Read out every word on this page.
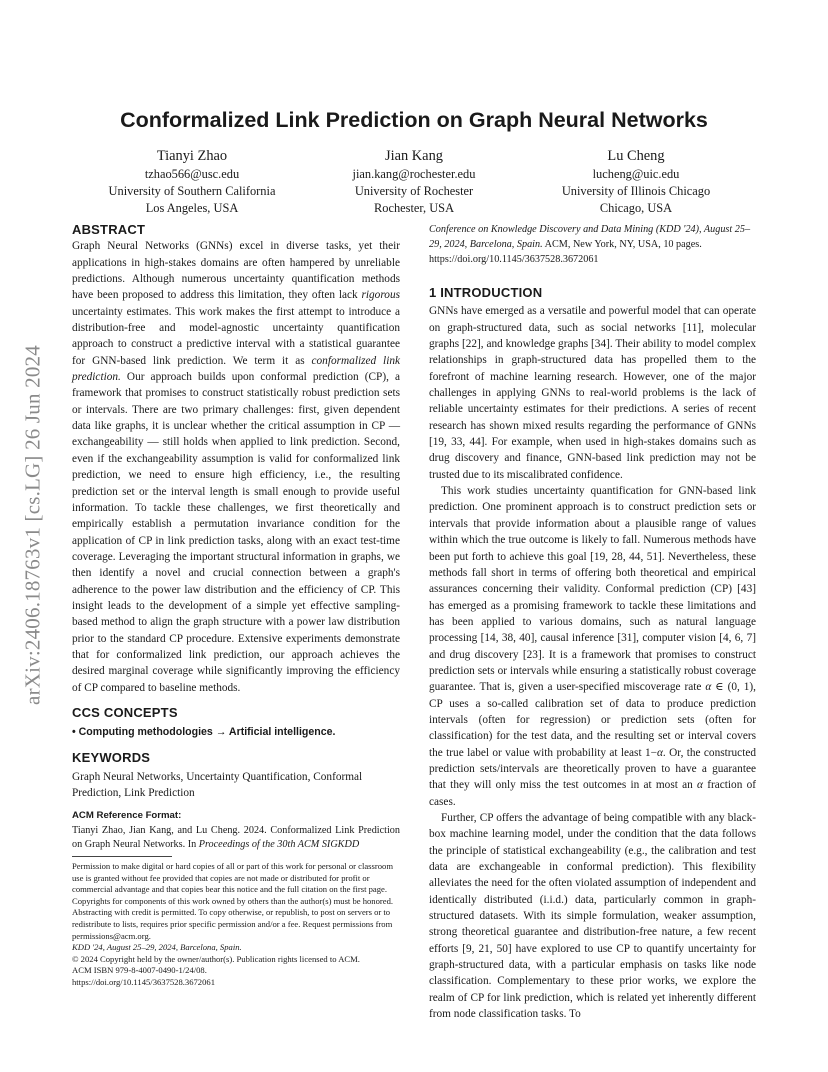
arXiv:2406.18763v1 [cs.LG] 26 Jun 2024
Conformalized Link Prediction on Graph Neural Networks
Tianyi Zhao
tzhao566@usc.edu
University of Southern California
Los Angeles, USA
Jian Kang
jian.kang@rochester.edu
University of Rochester
Rochester, USA
Lu Cheng
lucheng@uic.edu
University of Illinois Chicago
Chicago, USA
ABSTRACT

Graph Neural Networks (GNNs) excel in diverse tasks, yet their applications in high-stakes domains are often hampered by unreliable predictions. Although numerous uncertainty quantification methods have been proposed to address this limitation, they often lack rigorous uncertainty estimates. This work makes the first attempt to introduce a distribution-free and model-agnostic uncertainty quantification approach to construct a predictive interval with a statistical guarantee for GNN-based link prediction. We term it as conformalized link prediction. Our approach builds upon conformal prediction (CP), a framework that promises to construct statistically robust prediction sets or intervals. There are two primary challenges: first, given dependent data like graphs, it is unclear whether the critical assumption in CP — exchangeability — still holds when applied to link prediction. Second, even if the exchangeability assumption is valid for conformalized link prediction, we need to ensure high efficiency, i.e., the resulting prediction set or the interval length is small enough to provide useful information. To tackle these challenges, we first theoretically and empirically establish a permutation invariance condition for the application of CP in link prediction tasks, along with an exact test-time coverage. Leveraging the important structural information in graphs, we then identify a novel and crucial connection between a graph's adherence to the power law distribution and the efficiency of CP. This insight leads to the development of a simple yet effective sampling-based method to align the graph structure with a power law distribution prior to the standard CP procedure. Extensive experiments demonstrate that for conformalized link prediction, our approach achieves the desired marginal coverage while significantly improving the efficiency of CP compared to baseline methods.

CCS CONCEPTS

• Computing methodologies → Artificial intelligence.

KEYWORDS

Graph Neural Networks, Uncertainty Quantification, Conformal Prediction, Link Prediction

ACM Reference Format:

Tianyi Zhao, Jian Kang, and Lu Cheng. 2024. Conformalized Link Prediction on Graph Neural Networks. In Proceedings of the 30th ACM SIGKDD

Permission to make digital or hard copies of all or part of this work for personal or classroom use is granted without fee provided that copies are not made or distributed for profit or commercial advantage and that copies bear this notice and the full citation on the first page. Copyrights for components of this work owned by others than the author(s) must be honored. Abstracting with credit is permitted. To copy otherwise, or republish, to post on servers or to redistribute to lists, requires prior specific permission and/or a fee. Request permissions from permissions@acm.org.
KDD '24, August 25–29, 2024, Barcelona, Spain.
© 2024 Copyright held by the owner/author(s). Publication rights licensed to ACM.
ACM ISBN 979-8-4007-0490-1/24/08.
https://doi.org/10.1145/3637528.3672061

Conference on Knowledge Discovery and Data Mining (KDD '24), August 25–29, 2024, Barcelona, Spain. ACM, New York, NY, USA, 10 pages. https://doi.org/10.1145/3637528.3672061

1 INTRODUCTION

GNNs have emerged as a versatile and powerful model that can operate on graph-structured data, such as social networks [11], molecular graphs [22], and knowledge graphs [34]. Their ability to model complex relationships in graph-structured data has propelled them to the forefront of machine learning research. However, one of the major challenges in applying GNNs to real-world problems is the lack of reliable uncertainty estimates for their predictions. A series of recent research has shown mixed results regarding the performance of GNNs [19, 33, 44]. For example, when used in high-stakes domains such as drug discovery and finance, GNN-based link prediction may not be trusted due to its miscalibrated confidence.

This work studies uncertainty quantification for GNN-based link prediction. One prominent approach is to construct prediction sets or intervals that provide information about a plausible range of values within which the true outcome is likely to fall. Numerous methods have been put forth to achieve this goal [19, 28, 44, 51]. Nevertheless, these methods fall short in terms of offering both theoretical and empirical assurances concerning their validity. Conformal prediction (CP) [43] has emerged as a promising framework to tackle these limitations and has been applied to various domains, such as natural language processing [14, 38, 40], causal inference [31], computer vision [4, 6, 7] and drug discovery [23]. It is a framework that promises to construct prediction sets or intervals while ensuring a statistically robust coverage guarantee. That is, given a user-specified miscoverage rate α ∈ (0, 1), CP uses a so-called calibration set of data to produce prediction intervals (often for regression) or prediction sets (often for classification) for the test data, and the resulting set or interval covers the true label or value with probability at least 1−α. Or, the constructed prediction sets/intervals are theoretically proven to have a guarantee that they will only miss the test outcomes in at most an α fraction of cases.

Further, CP offers the advantage of being compatible with any black-box machine learning model, under the condition that the data follows the principle of statistical exchangeability (e.g., the calibration and test data are exchangeable in conformal prediction). This flexibility alleviates the need for the often violated assumption of independent and identically distributed (i.i.d.) data, particularly common in graph-structured datasets. With its simple formulation, weaker assumption, strong theoretical guarantee and distribution-free nature, a few recent efforts [9, 21, 50] have explored to use CP to quantify uncertainty for graph-structured data, with a particular emphasis on tasks like node classification. Complementary to these prior works, we explore the realm of CP for link prediction, which is related yet inherently different from node classification tasks. To
